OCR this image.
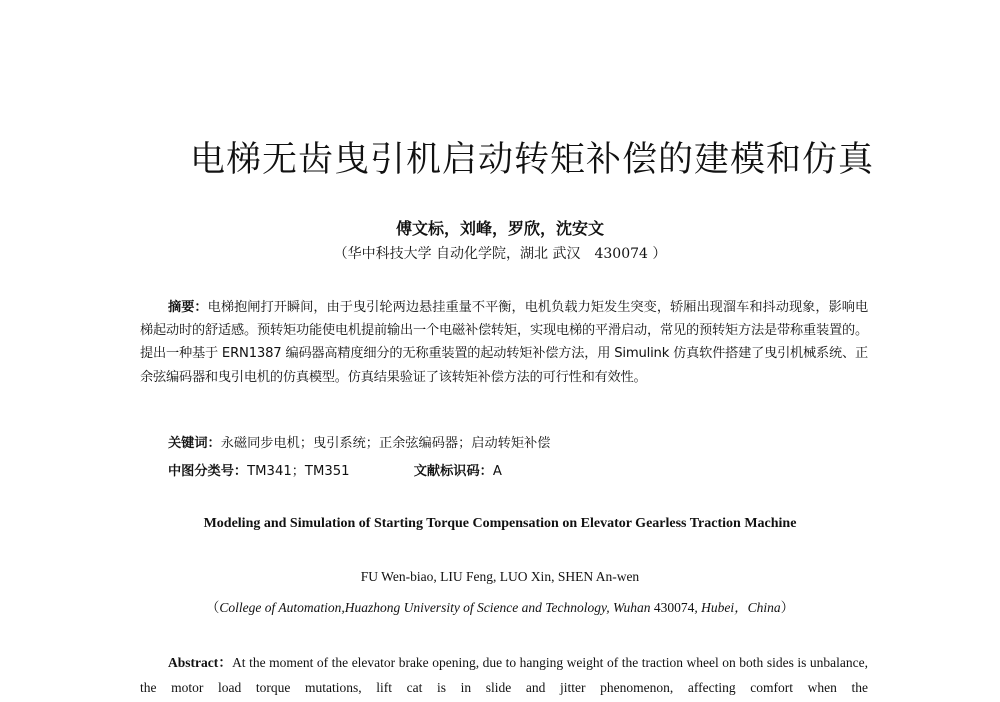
电梯无齿曳引机启动转矩补偿的建模和仿真
傅文标，刘峰，罗欣，沈安文
（华中科技大学 自动化学院，湖北 武汉　430074 ）
摘要：电梯抱闸打开瞬间，由于曳引轮两边悬挂重量不平衡，电机负载力矩发生突变，轿厢出现溜车和抖动现象，影响电梯起动时的舒适感。预转矩功能使电机提前输出一个电磁补偿转矩，实现电梯的平滑启动，常见的预转矩方法是带称重装置的。提出一种基于 ERN1387 编码器高精度细分的无称重装置的起动转矩补偿方法，用 Simulink 仿真软件搭建了曳引机械系统、正余弦编码器和曳引电机的仿真模型。仿真结果验证了该转矩补偿方法的可行性和有效性。
关键词：永磁同步电机；曳引系统；正余弦编码器；启动转矩补偿
中图分类号：TM341；TM351	文献标识码：A
Modeling and Simulation of Starting Torque Compensation on Elevator Gearless Traction Machine
FU Wen-biao, LIU Feng, LUO Xin, SHEN An-wen
（College of Automation,Huazhong University of Science and Technology, Wuhan 430074, Hubei，China）
Abstract：At the moment of the elevator brake opening, due to hanging weight of the traction wheel on both sides is unbalance, the motor load torque mutations, lift cat is in slide and jitter phenomenon, affecting comfort when the
